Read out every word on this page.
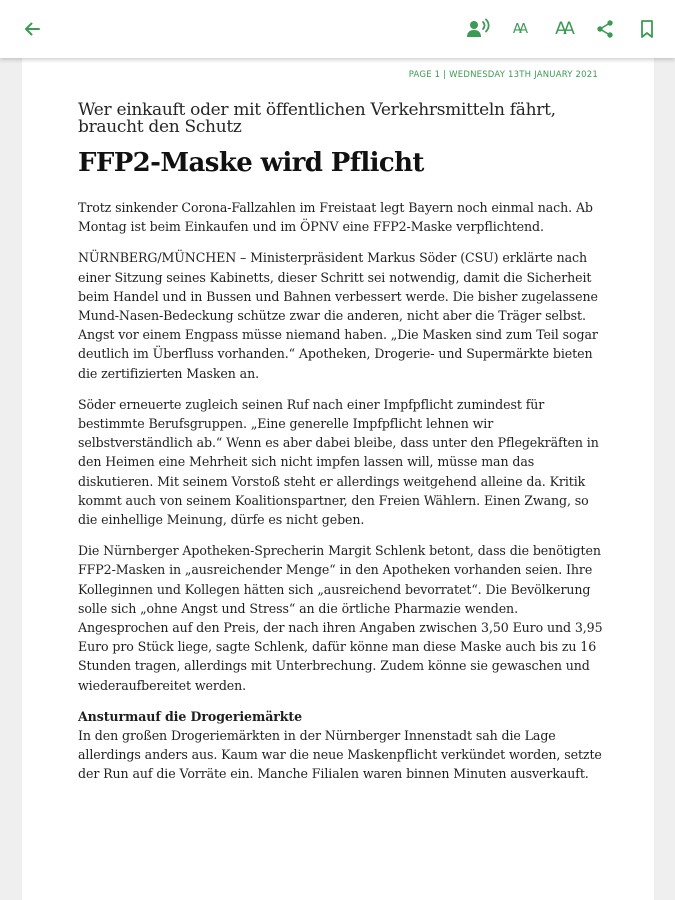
AA AA
PAGE 1 | WEDNESDAY 13TH JANUARY 2021
Wer einkauft oder mit öffentlichen Verkehrsmitteln fährt, braucht den Schutz
FFP2-Maske wird Pflicht

Trotz sinkender Corona-Fallzahlen im Freistaat legt Bayern noch einmal nach. Ab Montag ist beim Einkaufen und im ÖPNV eine FFP2-Maske verpflichtend.

NÜRNBERG/MÜNCHEN – Ministerpräsident Markus Söder (CSU) erklärte nach einer Sitzung seines Kabinetts, dieser Schritt sei notwendig, damit die Sicherheit beim Handel und in Bussen und Bahnen verbessert werde. Die bisher zugelassene Mund-Nasen-Bedeckung schütze zwar die anderen, nicht aber die Träger selbst. Angst vor einem Engpass müsse niemand haben. „Die Masken sind zum Teil sogar deutlich im Überfluss vorhanden.“ Apotheken, Drogerie- und Supermärkte bieten die zertifizierten Masken an.

Söder erneuerte zugleich seinen Ruf nach einer Impfpflicht zumindest für bestimmte Berufsgruppen. „Eine generelle Impfpflicht lehnen wir selbstverständlich ab.“ Wenn es aber dabei bleibe, dass unter den Pflegekräften in den Heimen eine Mehrheit sich nicht impfen lassen will, müsse man das diskutieren. Mit seinem Vorstoß steht er allerdings weitgehend alleine da. Kritik kommt auch von seinem Koalitionspartner, den Freien Wählern. Einen Zwang, so die einhellige Meinung, dürfe es nicht geben.

Die Nürnberger Apotheken-Sprecherin Margit Schlenk betont, dass die benötigten FFP2-Masken in „ausreichender Menge“ in den Apotheken vorhanden seien. Ihre Kolleginnen und Kollegen hätten sich „ausreichend bevorratet“. Die Bevölkerung solle sich „ohne Angst und Stress“ an die örtliche Pharmazie wenden. Angesprochen auf den Preis, der nach ihren Angaben zwischen 3,50 Euro und 3,95 Euro pro Stück liege, sagte Schlenk, dafür könne man diese Maske auch bis zu 16 Stunden tragen, allerdings mit Unterbrechung. Zudem könne sie gewaschen und wiederaufbereitet werden.

Ansturmauf die Drogeriemärkte

In den großen Drogeriemärkten in der Nürnberger Innenstadt sah die Lage allerdings anders aus. Kaum war die neue Maskenpflicht verkündet worden, setzte der Run auf die Vorräte ein. Manche Filialen waren binnen Minuten ausverkauft.
